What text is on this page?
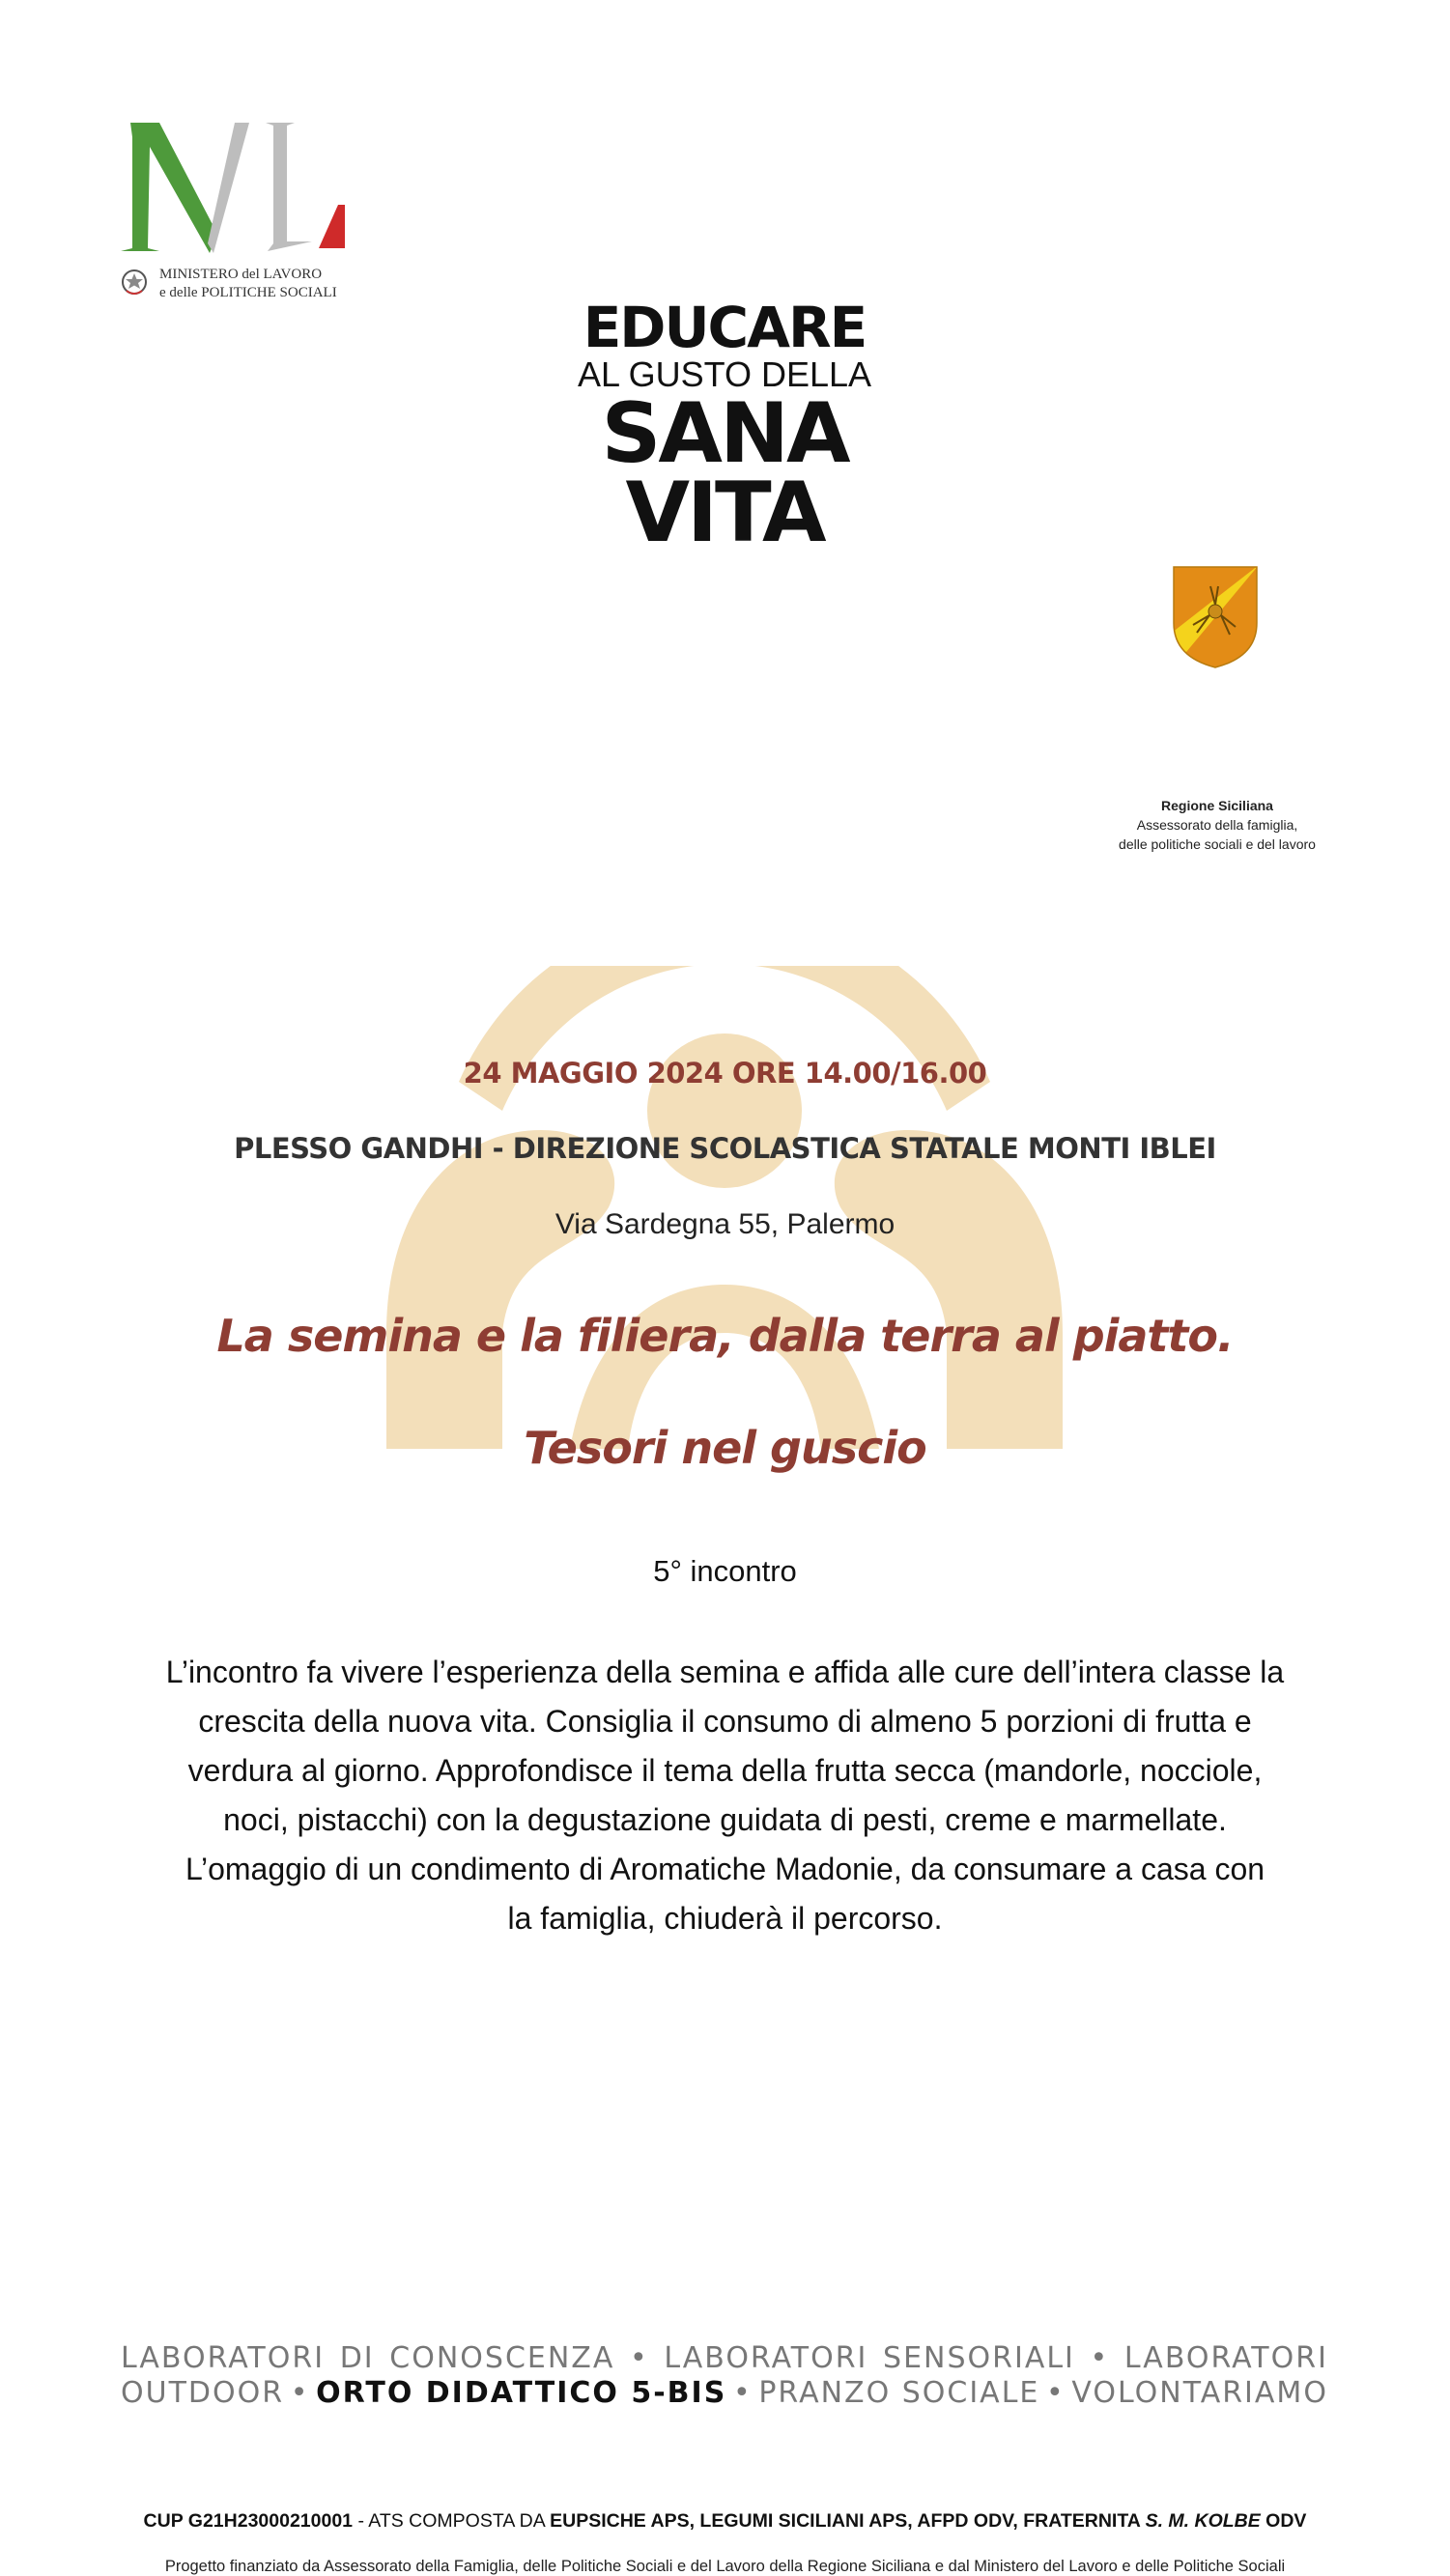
MINISTERO del LAVORO
e delle POLITICHE SOCIALI
EDUCARE
AL GUSTO DELLA
SANA
VITA
Regione Siciliana
Assessorato della famiglia,
delle politiche sociali e del lavoro
24 MAGGIO 2024 ORE 14.00/16.00
PLESSO GANDHI - DIREZIONE SCOLASTICA STATALE MONTI IBLEI
Via Sardegna 55, Palermo
La semina e la filiera, dalla terra al piatto.
Tesori nel guscio
5° incontro
L’incontro fa vivere l’esperienza della semina e affida alle cure dell’intera classe la
crescita della nuova vita. Consiglia il consumo di almeno 5 porzioni di frutta e
verdura al giorno. Approfondisce il tema della frutta secca (mandorle, nocciole,
noci, pistacchi) con la degustazione guidata di pesti, creme e marmellate.
L’omaggio di un condimento di Aromatiche Madonie, da consumare a casa con
la famiglia, chiuderà il percorso.
LABORATORI DI CONOSCENZA • LABORATORI SENSORIALI • LABORATORI
OUTDOOR • ORTO DIDATTICO 5-BIS • PRANZO SOCIALE • VOLONTARIAMO
CUP G21H23000210001 - ATS COMPOSTA DA EUPSICHE APS, LEGUMI SICILIANI APS, AFPD ODV, FRATERNITA S. M. KOLBE ODV
Progetto finanziato da Assessorato della Famiglia, delle Politiche Sociali e del Lavoro della Regione Siciliana e dal Ministero del Lavoro e delle Politiche Sociali
